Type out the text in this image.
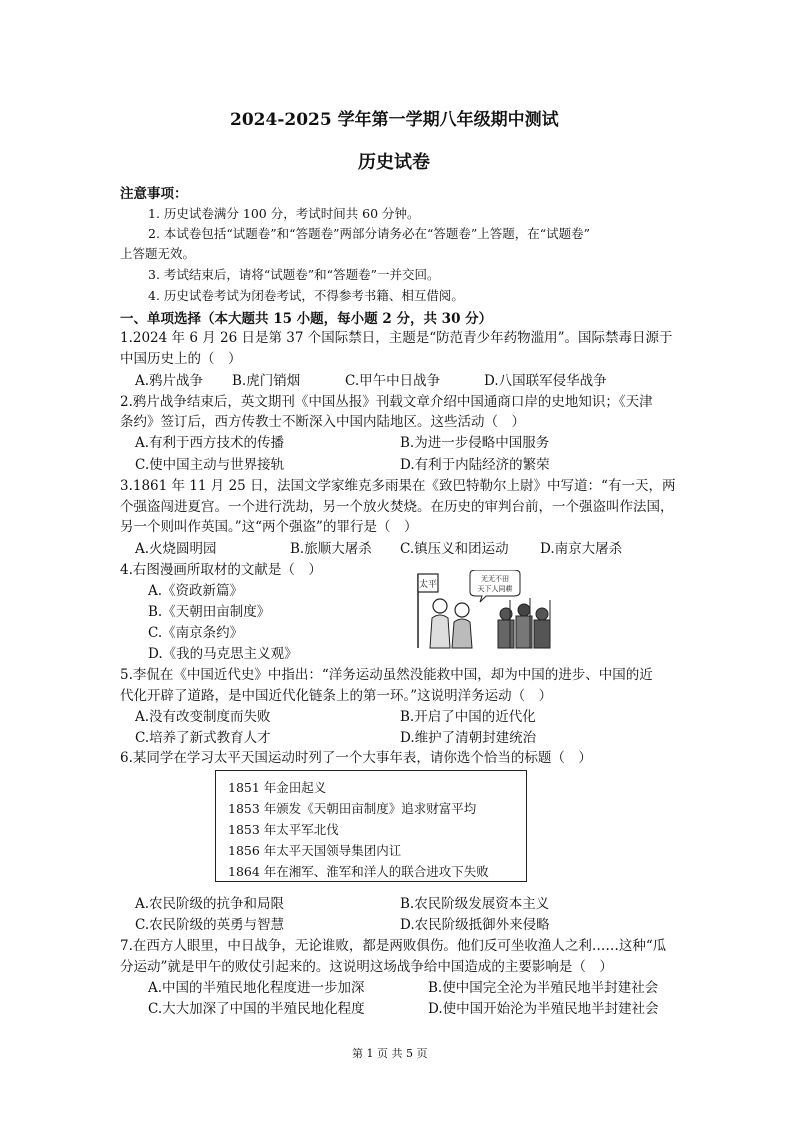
2024-2025 学年第一学期八年级期中测试
历史试卷
注意事项：
1. 历史试卷满分 100 分，考试时间共 60 分钟。
2. 本试卷包括“试题卷”和“答题卷”两部分请务必在“答题卷”上答题，在“试题卷”
上答题无效。
3. 考试结束后，请将“试题卷”和“答题卷”一并交回。
4. 历史试卷考试为闭卷考试，不得参考书籍、相互借阅。
一、单项选择（本大题共 15 小题，每小题 2 分，共 30 分）
1.2024 年 6 月 26 日是第 37 个国际禁日，主题是“防范青少年药物滥用”。国际禁毒日源于
中国历史上的（　）
A.鸦片战争 B.虎门销烟	C.甲午中日战争	D.八国联军侵华战争
2.鸦片战争结束后，英文期刊《中国丛报》刊载文章介绍中国通商口岸的史地知识；《天津
条约》签订后，西方传教士不断深入中国内陆地区。这些活动（　）
A.有利于西方技术的传播	B.为进一步侵略中国服务
C.使中国主动与世界接轨	D.有利于内陆经济的繁荣
3.1861 年 11 月 25 日，法国文学家维克多雨果在《致巴特勒尔上尉》中写道：“有一天，两
个强盗闯进夏宫。一个进行洗劫，另一个放火焚烧。在历史的审判台前，一个强盗叫作法国，
另一个则叫作英国。”这“两个强盗”的罪行是（　）
A.火烧圆明园	B.旅顺大屠杀 C.镇压义和团运动 D.南京大屠杀
4.右图漫画所取材的文献是（　）
A.《资政新篇》
B.《天朝田亩制度》
C.《南京条约》
D.《我的马克思主义观》
太平
无无不田
天下人同耕
5.李侃在《中国近代史》中指出：“洋务运动虽然没能救中国，却为中国的进步、中国的近
代化开辟了道路，是中国近代化链条上的第一环。”这说明洋务运动（　）
A.没有改变制度而失败	B.开启了中国的近代化
C.培养了新式教育人才	D.维护了清朝封建统治
6.某同学在学习太平天国运动时列了一个大事年表，请你选个恰当的标题（　）
1851 年金田起义
1853 年颁发《天朝田亩制度》追求财富平均
1853 年太平军北伐
1856 年太平天国领导集团内讧
1864 年在湘军、淮军和洋人的联合进攻下失败
A.农民阶级的抗争和局限	B.农民阶级发展资本主义
C.农民阶级的英勇与智慧	D.农民阶级抵御外来侵略
7.在西方人眼里，中日战争，无论谁败，都是两败俱伤。他们反可坐收渔人之利……这种“瓜
分运动”就是甲午的败仗引起来的。这说明这场战争给中国造成的主要影响是（　）
A.中国的半殖民地化程度进一步加深	B.使中国完全沦为半殖民地半封建社会
C.大大加深了中国的半殖民地化程度	D.使中国开始沦为半殖民地半封建社会
第 1 页 共 5 页
